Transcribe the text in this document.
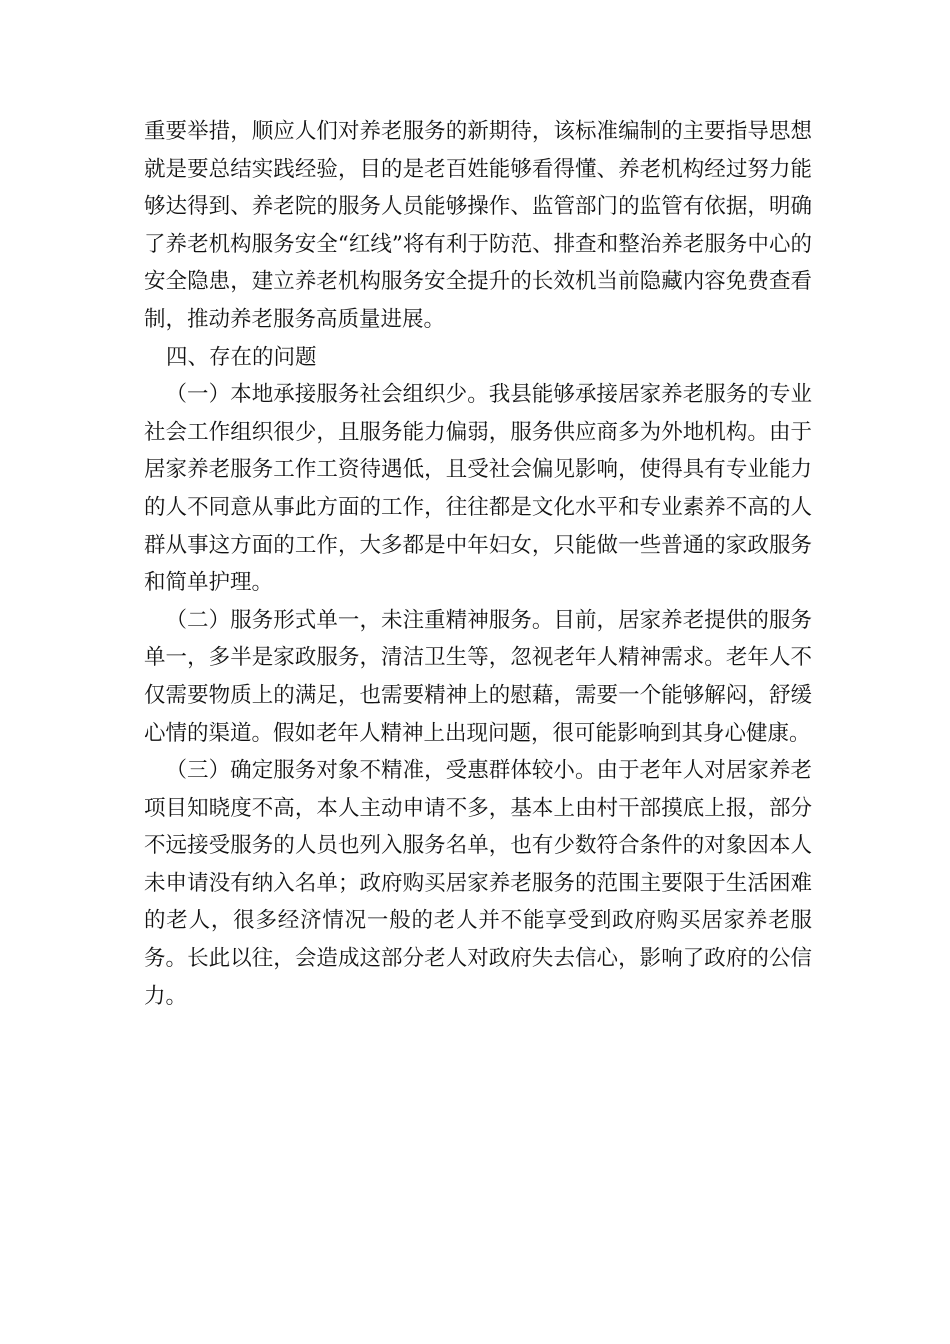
重要举措，顺应人们对养老服务的新期待，该标准编制的主要指导思想就是要总结实践经验，目的是老百姓能够看得懂、养老机构经过努力能够达得到、养老院的服务人员能够操作、监管部门的监管有依据，明确了养老机构服务安全“红线”将有利于防范、排查和整治养老服务中心的安全隐患，建立养老机构服务安全提升的长效机当前隐藏内容免费查看制，推动养老服务高质量进展。

四、存在的问题

（一）本地承接服务社会组织少。我县能够承接居家养老服务的专业社会工作组织很少，且服务能力偏弱，服务供应商多为外地机构。由于居家养老服务工作工资待遇低，且受社会偏见影响，使得具有专业能力的人不同意从事此方面的工作，往往都是文化水平和专业素养不高的人群从事这方面的工作，大多都是中年妇女，只能做一些普通的家政服务和简单护理。

（二）服务形式单一，未注重精神服务。目前，居家养老提供的服务单一，多半是家政服务，清洁卫生等，忽视老年人精神需求。老年人不仅需要物质上的满足，也需要精神上的慰藉，需要一个能够解闷，舒缓心情的渠道。假如老年人精神上出现问题，很可能影响到其身心健康。

（三）确定服务对象不精准，受惠群体较小。由于老年人对居家养老项目知晓度不高，本人主动申请不多，基本上由村干部摸底上报，部分不远接受服务的人员也列入服务名单，也有少数符合条件的对象因本人未申请没有纳入名单；政府购买居家养老服务的范围主要限于生活困难的老人，很多经济情况一般的老人并不能享受到政府购买居家养老服务。长此以往，会造成这部分老人对政府失去信心，影响了政府的公信力。
